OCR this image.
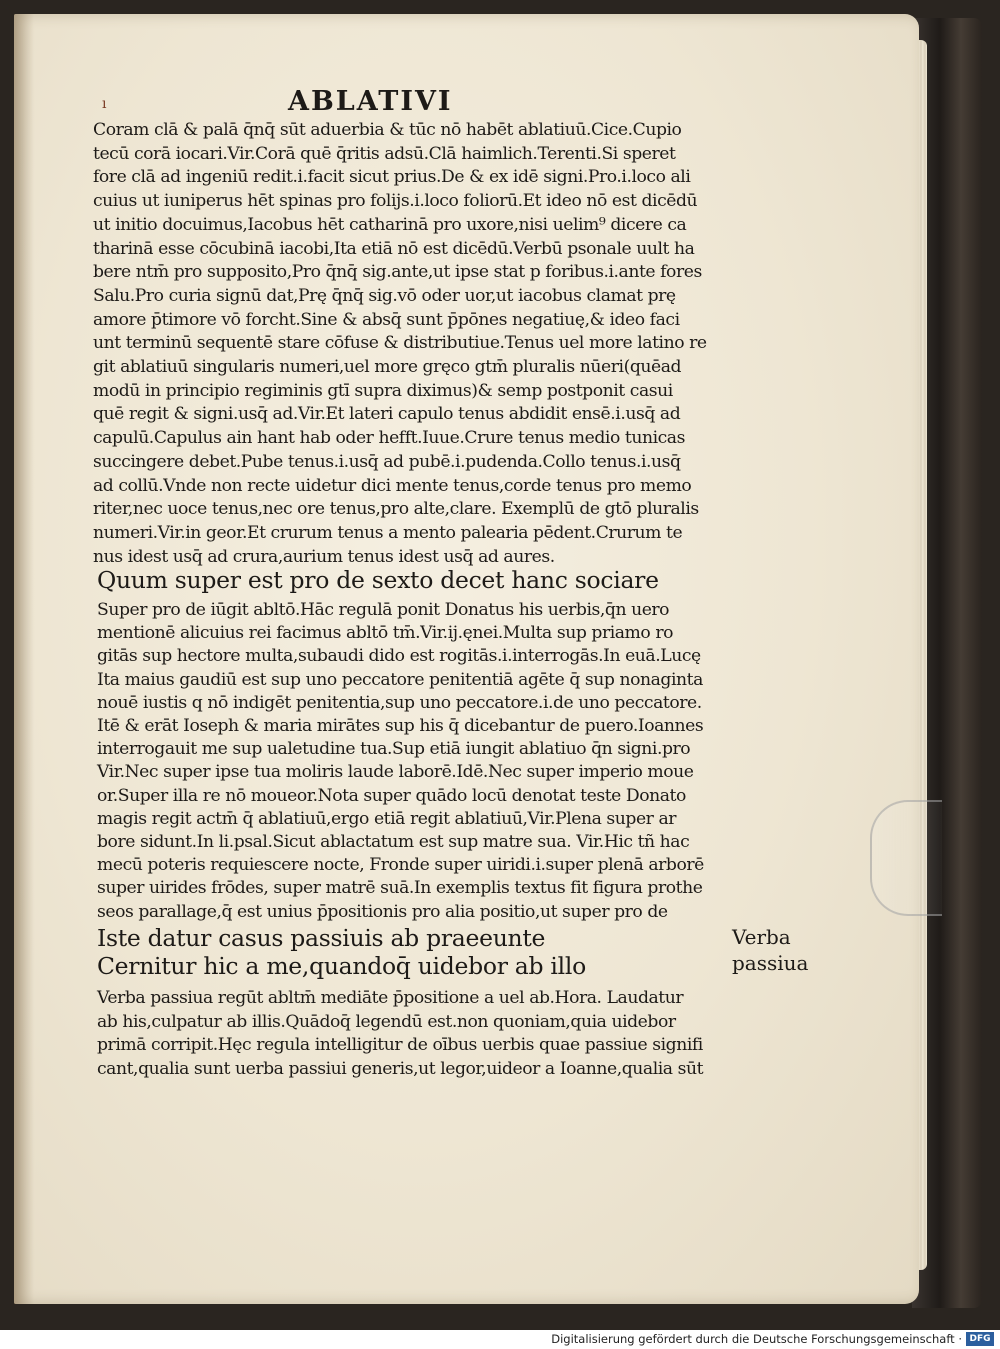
ı	ABLATIVI
Coram clā & palā q̄nq̄ sūt aduerbia & tūc nō habēt ablatiuū.Cice.Cupio
tecū corā iocari.Vir.Corā quē q̄ritis adsū.Clā haimlich.Terenti.Si speret
fore clā ad ingeniū redit.i.facit sicut prius.De & ex idē signi.Pro.i.loco ali
cuius ut iuniperus hēt spinas pro folijs.i.loco foliorū.Et ideo nō est dicēdū
ut initio docuimus,Iacobus hēt catharinā pro uxore,nisi uelim⁹ dicere ca
tharinā esse cōcubinā iacobi,Ita etiā nō est dicēdū.Verbū psonale uult ha
bere ntm̄ pro supposito,Pro q̄nq̄ sig.ante,ut ipse stat p foribus.i.ante fores
Salu.Pro curia signū dat,Prę q̄nq̄ sig.vō oder uor,ut iacobus clamat prę
amore p̄timore vō forcht.Sine & absq̄ sunt p̄pōnes negatiuę,& ideo faci
unt terminū sequentē stare cōfuse & distributiue.Tenus uel more latino re
git ablatiuū singularis numeri,uel more gręco gtm̄ pluralis nūeri(quēad
modū in principio regiminis gtī supra diximus)& semp postponit casui
quē regit & signi.usq̄ ad.Vir.Et lateri capulo tenus abdidit ensē.i.usq̄ ad
capulū.Capulus ain hant hab oder hefft.Iuue.Crure tenus medio tunicas
succingere debet.Pube tenus.i.usq̄ ad pubē.i.pudenda.Collo tenus.i.usq̄
ad collū.Vnde non recte uidetur dici mente tenus,corde tenus pro memo
riter,nec uoce tenus,nec ore tenus,pro alte,clare. Exemplū de gtō pluralis
numeri.Vir.in geor.Et crurum tenus a mento palearia pēdent.Crurum te
nus idest usq̄ ad crura,aurium tenus idest usq̄ ad aures.
Quum super est pro de sexto decet hanc sociare
Super pro de iūgit abltō.Hāc regulā ponit Donatus his uerbis,q̄n uero
mentionē alicuius rei facimus abltō tm̄.Vir.ij.ęnei.Multa sup priamo ro
gitās sup hectore multa,subaudi dido est rogitās.i.interrogās.In euā.Lucę
Ita maius gaudiū est sup uno peccatore penitentiā agēte q̄ sup nonaginta
nouē iustis q nō indigēt penitentia,sup uno peccatore.i.de uno peccatore.
Itē & erāt Ioseph & maria mirātes sup his q̄ dicebantur de puero.Ioannes
interrogauit me sup ualetudine tua.Sup etiā iungit ablatiuo q̄n signi.pro
Vir.Nec super ipse tua moliris laude laborē.Idē.Nec super imperio moue
or.Super illa re nō moueor.Nota super quādo locū denotat teste Donato
magis regit actm̄ q̄ ablatiuū,ergo etiā regit ablatiuū,Vir.Plena super ar
bore sidunt.In li.psal.Sicut ablactatum est sup matre sua. Vir.Hic tñ hac
mecū poteris requiescere nocte, Fronde super uiridi.i.super plenā arborē
super uirides frōdes, super matrē suā.In exemplis textus fit figura prothe
seos parallage,q̄ est unius p̄positionis pro alia positio,ut super pro de
Iste datur casus passiuis ab praeeunte
Cernitur hic a me,quandoq̄ uidebor ab illo
Verba
passiua
Verba passiua regūt abltm̄ mediāte p̄positione a uel ab.Hora. Laudatur
ab his,culpatur ab illis.Quādoq̄ legendū est.non quoniam,quia uidebor
primā corripit.Hęc regula intelligitur de oībus uerbis quae passiue signifi
cant,qualia sunt uerba passiui generis,ut legor,uideor a Ioanne,qualia sūt
Digitalisierung gefördert durch die Deutsche Forschungsgemeinschaft · DFG
